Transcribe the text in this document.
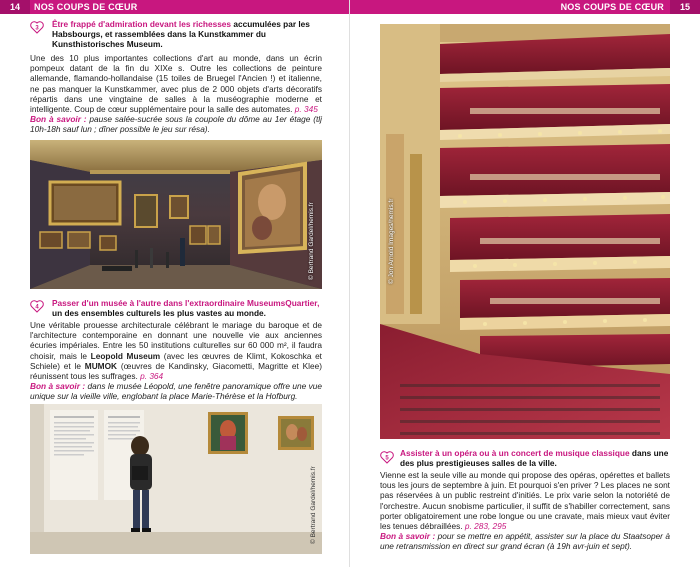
14	NOS COUPS DE CŒUR
3 Être frappé d'admiration devant les richesses accumulées par les Habsbourgs, et rassemblées dans la Kunstkammer du Kunsthistorisches Museum.
Une des 10 plus importantes collections d'art au monde, dans un écrin pompeux datant de la fin du XIXe s. Outre les collections de peinture allemande, flamando-hollandaise (15 toiles de Bruegel l'Ancien !) et italienne, ne pas manquer la Kunstkammer, avec plus de 2 000 objets d'arts décoratifs répartis dans une vingtaine de salles à la muséographie moderne et intelligente. Coup de cœur supplémentaire pour la salle des automates. p. 345
Bon à savoir : pause salée-sucrée sous la coupole du dôme au 1er étage (tlj 10h-18h sauf lun ; dîner possible le jeu sur résa).
© Bertrand Gardel/hemis.fr
4 Passer d'un musée à l'autre dans l'extraordinaire MuseumsQuartier, un des ensembles culturels les plus vastes au monde.
Une véritable prouesse architecturale célébrant le mariage du baroque et de l'architecture contemporaine en donnant une nouvelle vie aux anciennes écuries impériales. Entre les 50 institutions culturelles sur 60 000 m², il faudra choisir, mais le Leopold Museum (avec les œuvres de Klimt, Kokoschka et Schiele) et le MUMOK (œuvres de Kandinsky, Giacometti, Magritte et Klee) réunissent tous les suffrages. p. 364
Bon à savoir : dans le musée Léopold, une fenêtre panoramique offre une vue unique sur la vieille ville, englobant la place Marie-Thérèse et la Hofburg.
© Bertrand Gardel/hemis.fr
NOS COUPS DE CŒUR	15
© Jon Arnold Images/hemis.fr
5
Assister à un opéra ou à un concert de musique classique dans une des plus prestigieuses salles de la ville.
Vienne est la seule ville au monde qui propose des opéras, opérettes et ballets tous les jours de septembre à juin. Et pourquoi s'en priver ? Les places ne sont pas réservées à un public restreint d'initiés. Le prix varie selon la notoriété de l'orchestre. Aucun snobisme particulier, il suffit de s'habiller correctement, sans porter obligatoirement une robe longue ou une cravate, mais mieux vaut éviter les tenues débraillées. p. 283, 295
Bon à savoir : pour se mettre en appétit, assister sur la place du Staatsoper à une retransmission en direct sur grand écran (à 19h avr-juin et sept).
